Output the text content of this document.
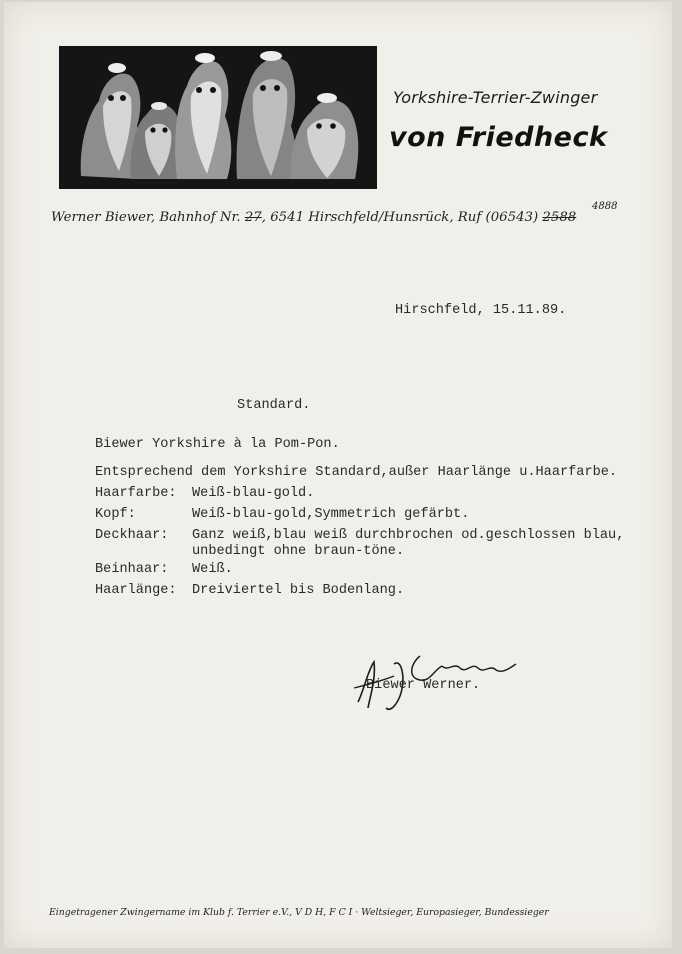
Yorkshire-Terrier-Zwinger
von Friedheck
Werner Biewer, Bahnhof Nr. 27, 6541 Hirschfeld/Hunsrück, Ruf (06543) 2588
4888
Hirschfeld, 15.11.89.
Standard.
Biewer Yorkshire à la Pom-Pon.
Entsprechend dem Yorkshire Standard,außer Haarlänge u.Haarfarbe.
Haarfarbe: Weiß-blau-gold.
Kopf:	Weiß-blau-gold,Symmetrich gefärbt.
Deckhaar: Ganz weiß,blau weiß durchbrochen od.geschlossen blau,
unbedingt ohne braun-töne.
Beinhaar: Weiß.
Haarlänge: Dreiviertel bis Bodenlang.
Biewer Werner.
Eingetragener Zwingername im Klub f. Terrier e.V., V D H, F C I · Weltsieger, Europasieger, Bundessieger
